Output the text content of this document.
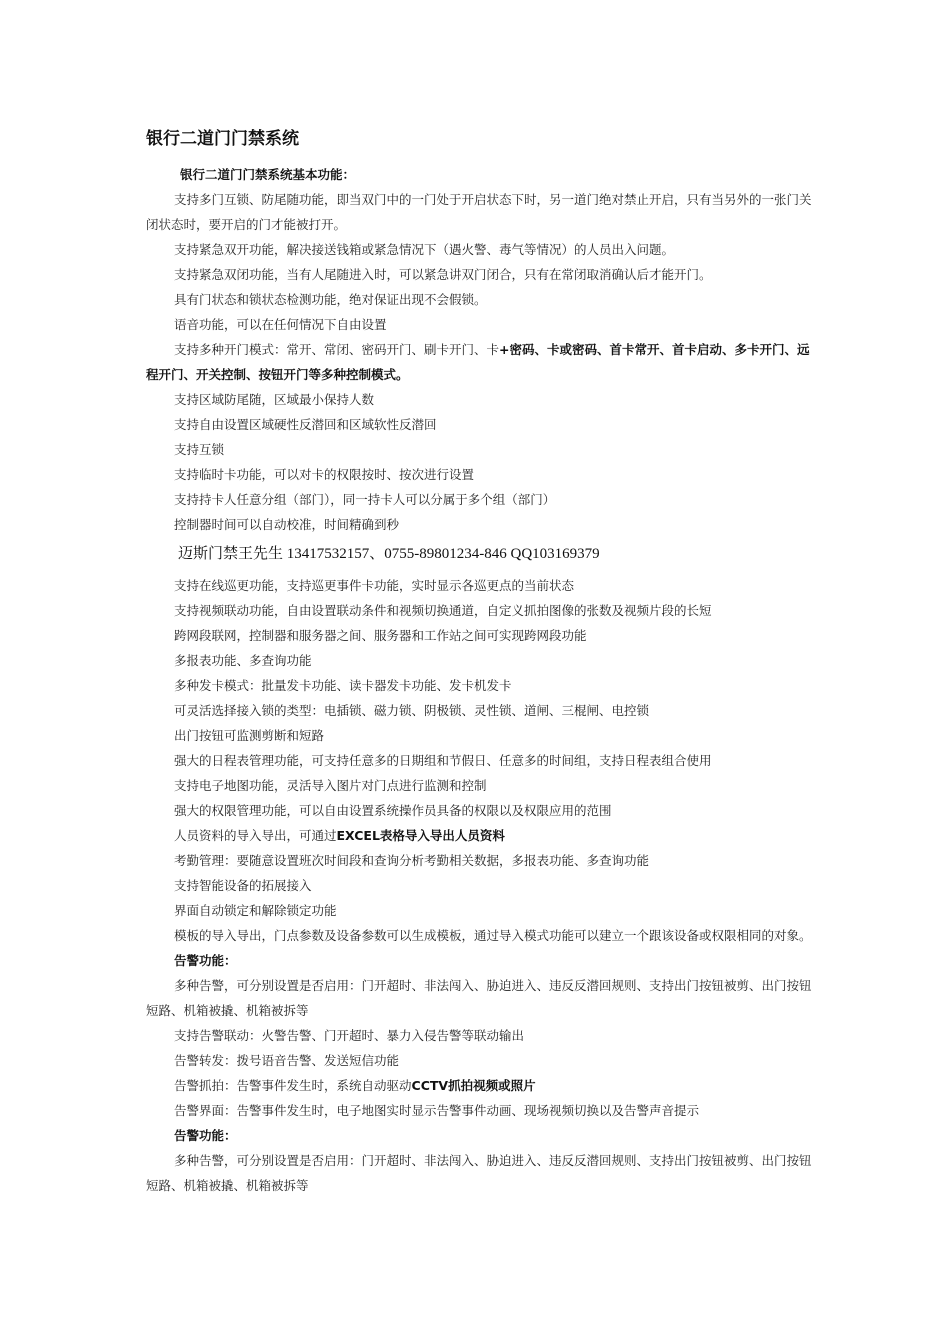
银行二道门门禁系统
银行二道门门禁系统基本功能：

支持多门互锁、防尾随功能，即当双门中的一门处于开启状态下时，另一道门绝对禁止开启，只有当另外的一张门关闭状态时，要开启的门才能被打开。

支持紧急双开功能，解决接送钱箱或紧急情况下（遇火警、毒气等情况）的人员出入问题。

支持紧急双闭功能，当有人尾随进入时，可以紧急讲双门闭合，只有在常闭取消确认后才能开门。

具有门状态和锁状态检测功能，绝对保证出现不会假锁。

语音功能，可以在任何情况下自由设置

支持多种开门模式：常开、常闭、密码开门、刷卡开门、卡+密码、卡或密码、首卡常开、首卡启动、多卡开门、远程开门、开关控制、按钮开门等多种控制模式。

支持区域防尾随，区域最小保持人数

支持自由设置区域硬性反潜回和区域软性反潜回

支持互锁

支持临时卡功能，可以对卡的权限按时、按次进行设置

支持持卡人任意分组（部门），同一持卡人可以分属于多个组（部门）

控制器时间可以自动校准，时间精确到秒

迈斯门禁王先生 13417532157、0755-89801234-846 QQ103169379

支持在线巡更功能，支持巡更事件卡功能，实时显示各巡更点的当前状态

支持视频联动功能，自由设置联动条件和视频切换通道，自定义抓拍图像的张数及视频片段的长短

跨网段联网，控制器和服务器之间、服务器和工作站之间可实现跨网段功能

多报表功能、多查询功能

多种发卡模式：批量发卡功能、读卡器发卡功能、发卡机发卡

可灵活选择接入锁的类型：电插锁、磁力锁、阴极锁、灵性锁、道闸、三棍闸、电控锁

出门按钮可监测剪断和短路

强大的日程表管理功能，可支持任意多的日期组和节假日、任意多的时间组，支持日程表组合使用

支持电子地图功能，灵活导入图片对门点进行监测和控制

强大的权限管理功能，可以自由设置系统操作员具备的权限以及权限应用的范围

人员资料的导入导出，可通过EXCEL表格导入导出人员资料

考勤管理：要随意设置班次时间段和查询分析考勤相关数据，多报表功能、多查询功能

支持智能设备的拓展接入

界面自动锁定和解除锁定功能

模板的导入导出，门点参数及设备参数可以生成模板，通过导入模式功能可以建立一个跟该设备或权限相同的对象。

告警功能：

多种告警，可分别设置是否启用：门开超时、非法闯入、胁迫进入、违反反潜回规则、支持出门按钮被剪、出门按钮短路、机箱被撬、机箱被拆等

支持告警联动：火警告警、门开超时、暴力入侵告警等联动输出

告警转发：拨号语音告警、发送短信功能

告警抓拍：告警事件发生时，系统自动驱动CCTV抓拍视频或照片

告警界面：告警事件发生时，电子地图实时显示告警事件动画、现场视频切换以及告警声音提示

告警功能：

多种告警，可分别设置是否启用：门开超时、非法闯入、胁迫进入、违反反潜回规则、支持出门按钮被剪、出门按钮短路、机箱被撬、机箱被拆等
